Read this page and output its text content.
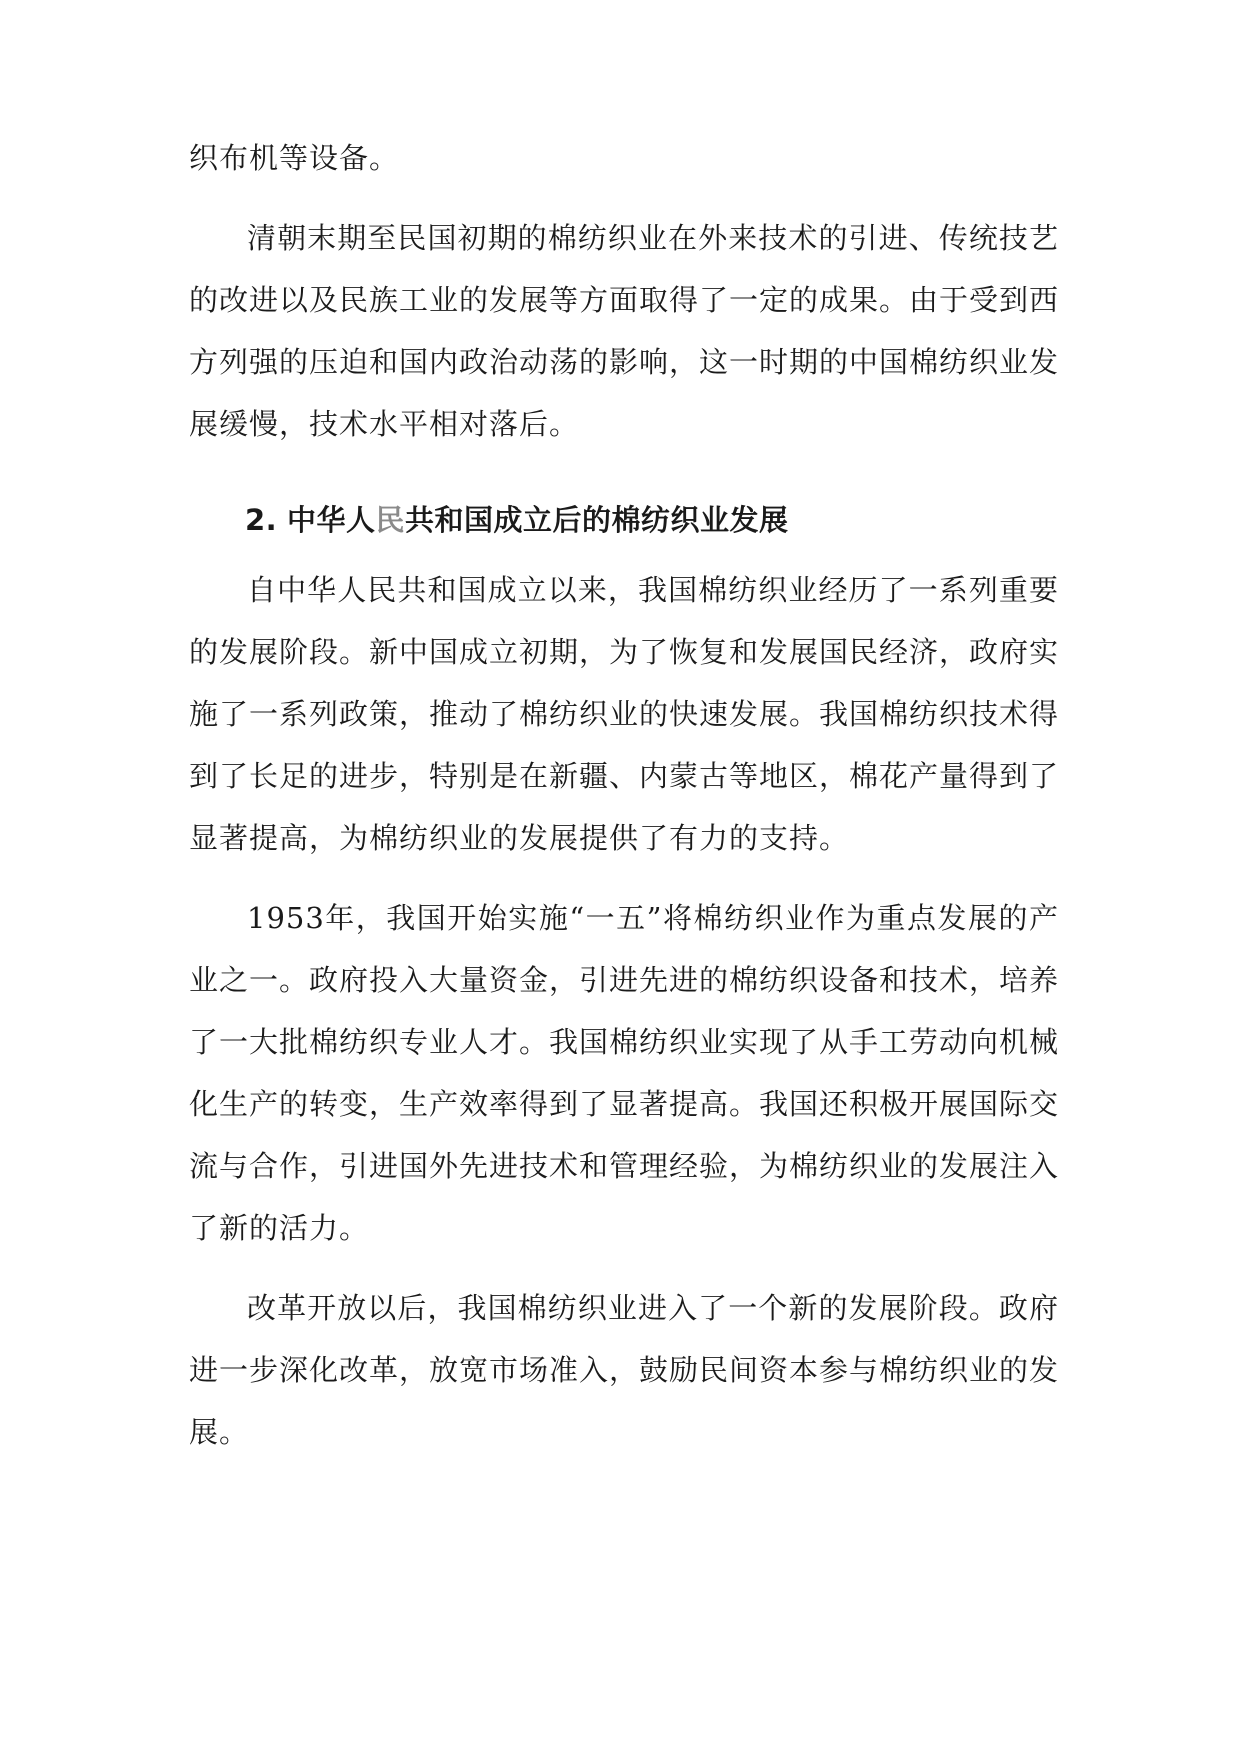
织布机等设备。

清朝末期至民国初期的棉纺织业在外来技术的引进、传统技艺的改进以及民族工业的发展等方面取得了一定的成果。由于受到西方列强的压迫和国内政治动荡的影响，这一时期的中国棉纺织业发展缓慢，技术水平相对落后。

2. 中华人民共和国成立后的棉纺织业发展

自中华人民共和国成立以来，我国棉纺织业经历了一系列重要的发展阶段。新中国成立初期，为了恢复和发展国民经济，政府实施了一系列政策，推动了棉纺织业的快速发展。我国棉纺织技术得到了长足的进步，特别是在新疆、内蒙古等地区，棉花产量得到了显著提高，为棉纺织业的发展提供了有力的支持。

1953年，我国开始实施“一五”将棉纺织业作为重点发展的产业之一。政府投入大量资金，引进先进的棉纺织设备和技术，培养了一大批棉纺织专业人才。我国棉纺织业实现了从手工劳动向机械化生产的转变，生产效率得到了显著提高。我国还积极开展国际交流与合作，引进国外先进技术和管理经验，为棉纺织业的发展注入了新的活力。

改革开放以后，我国棉纺织业进入了一个新的发展阶段。政府进一步深化改革，放宽市场准入，鼓励民间资本参与棉纺织业的发展。
